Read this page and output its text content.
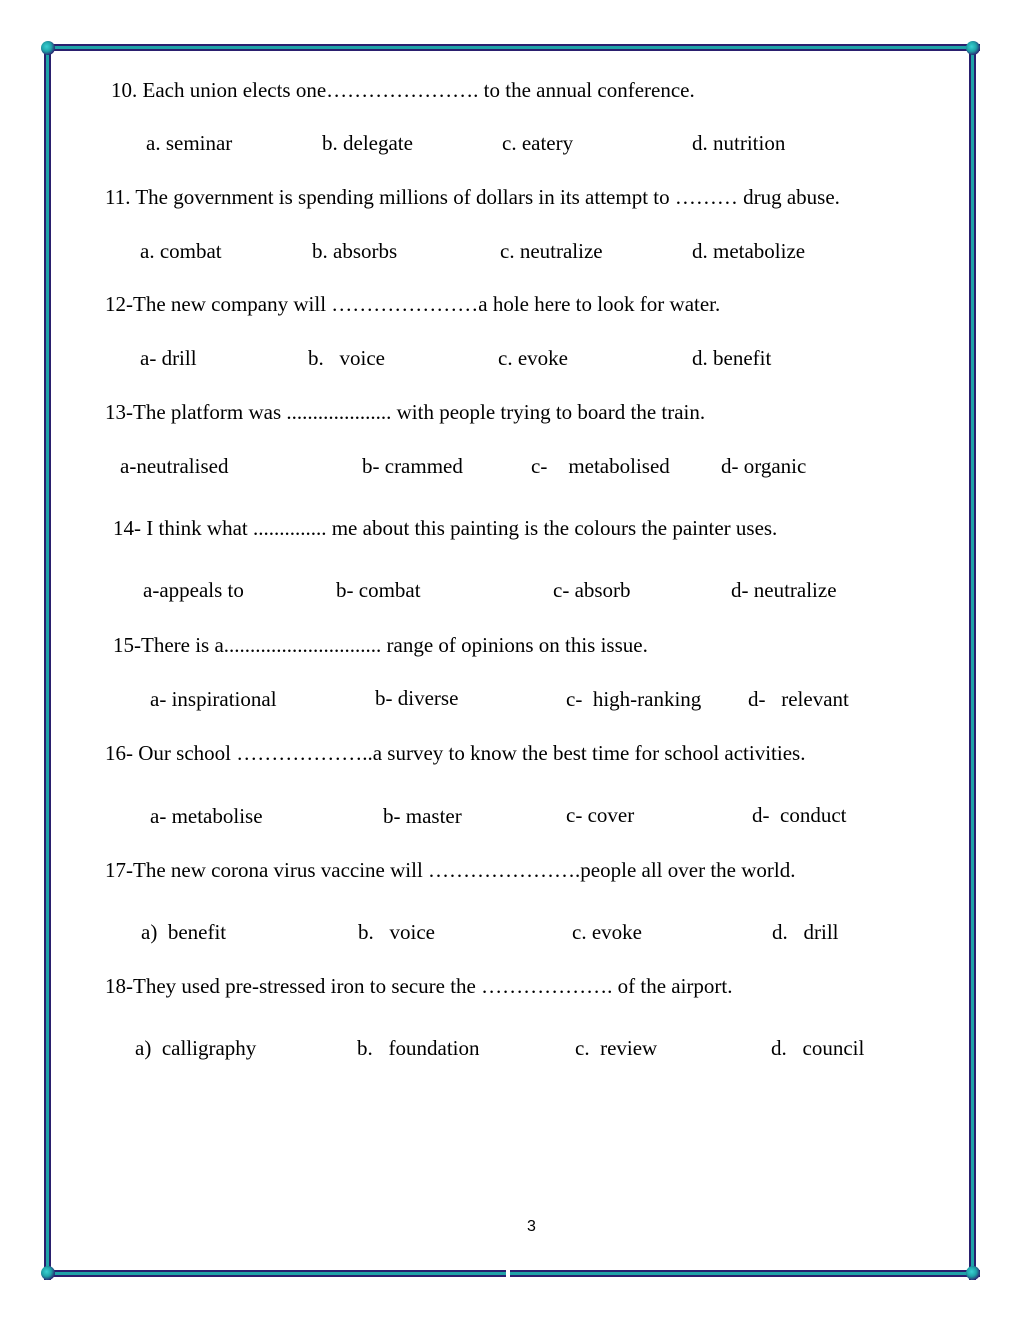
10. Each union elects one…………………. to the annual conference.
a. seminar	b. delegate	c. eatery	d. nutrition
11. The government is spending millions of dollars in its attempt to ……… drug abuse.
a. combat	b. absorbs	c. neutralize	d. metabolize
12-The new company will …………………a hole here to look for water.
a- drill	b.   voice	c. evoke	d. benefit
13-The platform was .................... with people trying to board the train.
a-neutralised	b- crammed	c-    metabolised d- organic
14- I think what .............. me about this painting is the colours the painter uses.
a-appeals to	b- combat	c- absorb	d- neutralize
15-There is a.............................. range of opinions on this issue.
a- inspirational	b- diverse	c-  high-ranking d-   relevant
16- Our school ………………..a survey to know the best time for school activities.
a- metabolise	b- master	c- cover	d-  conduct
17-The new corona virus vaccine will ………………….people all over the world.
a)  benefit	b.   voice	c. evoke	d.   drill
18-They used pre-stressed iron to secure the ………………. of the airport.
a)  calligraphy	b.   foundation	c.  review	d.   council
3
